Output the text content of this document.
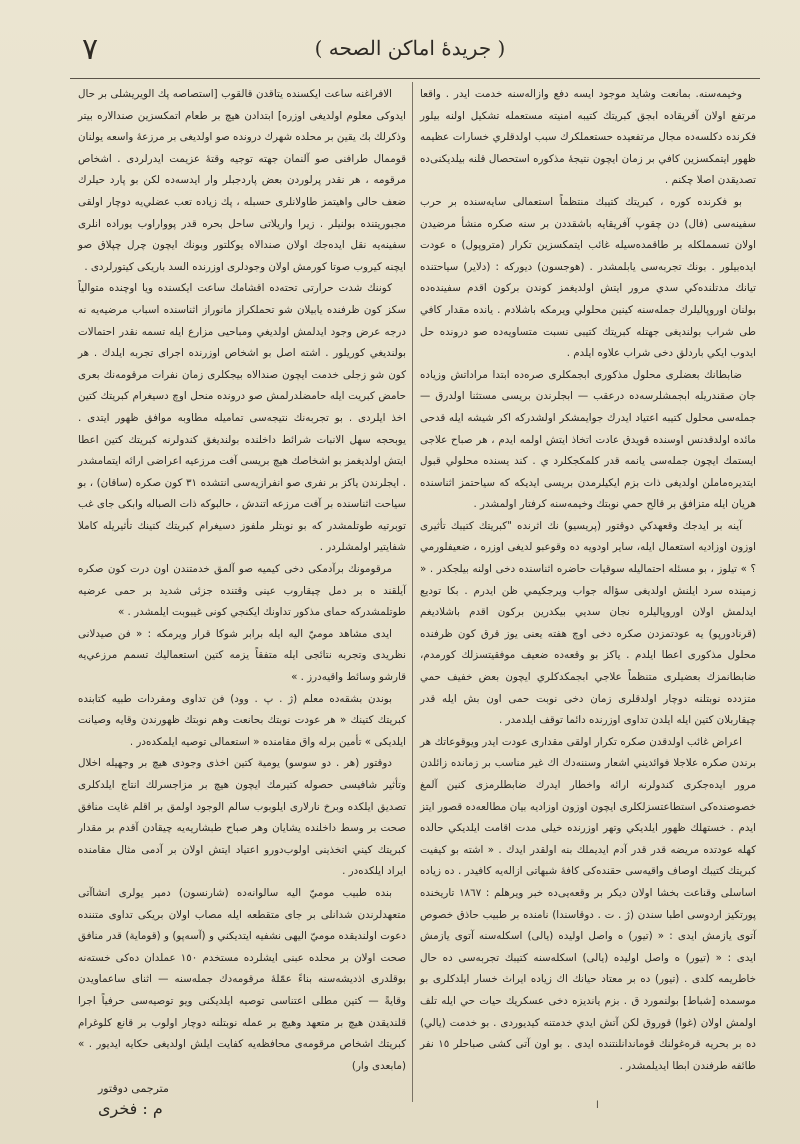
٧	( جريدهٔ اماكن الصحه )

وخيمه‌سنه. بمانعت وشايد موجود ايسه دفع وازاله‌سنه خدمت ايدر . واقعا مرتفع اولان آفريقاده ابجق كبريتك كتيبه امنيته مستعمله تشكيل اولنه بيلور فكرنده دكلسه‌ده مجال مرتفعيده حستعملكرك سبب اولدقلري خسارات عظيمه ظهور ايتمكسزين كافي بر زمان ايچون نتيجهٔ مذكوره استحصال قلنه بيلديكنى‌ده تصديقدن اصلا چكنم .

بو فكرنده كوره ، كبريتك كتيبك منتظماً استعمالى سايه‌سنده بر حرب سفينه‌سى (فال) دن چقوپ آفريقايه باشقددن بر سنه صكره منشأ مرضيدن اولان تسمملكله بر طاقمده‌سيله غائب ايتمكسزين تكرار (متروپول) ه عودت ايده‌بيلور . بونك تجربه‌سى يابلمشدر . (هوجسون) ديوركه : (دلاير) سياحتنده تيانك مدتلنده‌كي سدي مرور ايتش اولديغمز كوندن بركون اقدم سفينده‌ده بولنان اوروپاليلرك جمله‌سنه كينين محلولي ويرمكه باشلادم . يانده مقدار كافي طى شراب بولنديغى جهتله كبريتك كتيبى نسبت متساويه‌ده صو درونده حل ايدوب ايكي باردلق دخى شراب علاوه ايلدم .

ضابطانك بعضلرى محلول مذكورى ابجمكلرى صره‌ده ابتدا مراداتش وزياده جان صقندريله ابجمشلرسه‌ده درعقب — ابجلرندن بريسى مستثنا اولدرق — جمله‌سى محلول كتيبه اعتياد ايدرك جوايمشكر اولشدركه اكر شيشه ايله قدحى مائده اولدقدنس اوسنده قويدق عادت اتخاذ ايتش اولمه ايدم ، هر صباح علاجى ايستمك ايچون جمله‌سى يانمه قدر كلمكجكلرد ي . كند يسنده محلولي قبول ايتديره‌ماملن اولديغى ذات بزم ايكيلرمدن بريسى ايديكه كه سياحتمز اثناسنده هريان ايله متزافق بر قالح حمي نوبتك وخيمه‌سنه كرفتار اولمشدر .

آينه بر ايدجك وقعهدكي دوقتور (پريسيو) نك اثرنده "كبريتك كتيبك تأثيرى اوزون اوزاديه استعمال ايله، ساير اودويه ده وقوعبو لديغى اوزره ، ضعيفلورمي ؟ » تيلوز ، بو مسئله احتماليله سوقيات حاضره اثناسنده دخى اولنه بيلجكدر . « زمينده سرد ايلنش اولديغى سؤاله جواب ويرجكيمي ظن ايدرم . بكا توديع ايدلمش اولان اوروپاليلره نجان سديي بيكدرين بركون اقدم باشلاديغم (قرنادورپو) يه عودتمزدن صكره دخى اوچ هفته يعنى يوز قرق كون ظرفنده محلول مذكورى اعطا ايلدم . ياكز بو وقعه‌ده ضعيف موفقيتسزلك كورمدم، ضابطانمزك بعضيلرى متنظماً علاجي ابجمكدكلري ايچون بعض خفيف حمي متزدده نوبتلنه دوچار اولدقلرى زمان دخى نوبت حمى اون بش ايله قدر چيقاربلان كتين ايله ايلدن تداوى اوزرنده دائما توقف ايلدمدر .

اعراض غائب اولدقدن صكره تكرار اولقى مقدارى عودت ايدر ويوقوعاتك هر برندن صكره علاجلا فوائديني اشعار وسننه‌دك اك غير مناسب بر زمانده زائلدن مرور ايده‌جكرى كندولرنه ارائه واخطار ايدرك ضابطلرمزى كنين آلمغ خصوصنده‌كى استطاعتسزلكلرى ايچون اوزون اوزاديه بيان مطالعه‌ده قصور ايتز ايدم . خستهلك ظهور ايلديكي وتهر اوزرنده خيلى مدت اقامت ايلديكي حالده كهله عودتده مريضه قدر قدر آدم ايديملك بنه اولقدر ايدك . « اشته بو كيفيت كبريتك كتيبك اوصاف واقيه‌سى حقنده‌كى كافهٔ شبهاتى ازاله‌يه كافيدر . ده زياده اساسلى وقناعت بخشا اولان ديكر بر وقعه‌يى‌ده خبر ويرهلم : ١٨٦٧ تاريخنده پورتكيز اردوسى اطبا سندن (ژ . ت . دوقاسندا) نامنده بر طبيب حاذق خصوص آتوى يازمش ايدى : « (تيور) ه واصل اوليده (يالى) اسكله‌سنه آتوى يازمش ايدى : « (تيور) ه واصل اوليده (يالى) اسكله‌سنه كتيبك تجربه‌سى ده حال خاطريمه كلدى . (تيور) ده بر معتاد حيانك اك زياده ايراث خسار ايلدكلرى بو موسمده [شباط] بولنمورد ق . بزم يانديزه دخى عسكريك حيات حي ايله تلف اولمش اولان (غوا) قوروق لكن آتش ايدي خدمتنه كيديوردى . بو خدمت (يالي) ده بر بحريه قره‌غولنك قوماندانلنتنده ايدى . بو اون آتى كشى صباحلر ١٥ نفر طائفه طرفندن ابطا ايديلمشدر .

الافراغنه ساعت ايكسنده يتاقدن قالقوب [استصاصه پك الويريشلى بر حال ايدوكى معلوم اولديغى اوزره] ابتدادن هيچ بر طعام اتمكسزين صندالاره بيتر وذكرلك بك يقين بر محلده شهرك درونده صو اولديغى بر مرزعهٔ واسعه يولنان قوممال طرافنى صو آلنمان جهته توجيه وقتهٔ عزيمت ايدرلردى . اشخاص مرقومه ، هر نقدر پرلوردن بعض پاردجبلر وار ايدسه‌ده لكن بو پارد حيلرك ضعف حالى واهيتمز طاولانلرى حسبله ، پك زياده تعب عضلي‌يه دوچار اولقى مجبوريتنده بولنيلر . زيرا واريلاتى ساحل بحره قدر پوواراوب يوراده انلرى سفينه‌يه نقل ايده‌جك اولان صندالاه يوكلتور وبونك ايچون چرل چپلاق صو ايچنه كيروب صوتا كورمش اولان وجودلرى اوزرنده السد باريكى كيتورلردى .

كوننك شدت حرارتى تحته‌ده اقشامك ساعت ايكسنده ويا اوچنده متوالياً سكز كون ظرفنده يابيلان شو تحملكراز مانوراز اثناسنده اسباب مرضيه‌يه نه درجه عرض وجود ايدلمش اولديغي ومباحيى مزارع ايله تسمه نقدر احتمالات بولنديغي كوريلور . اشته اصل بو اشخاص اوزرنده اجراى تجربه ايلدك . هر كون شو زجلى خدمت ايچون صندالاه بيجكلرى زمان نفرات مرقومه‌نك بعرى حامض كبريت ايله حامضلدرلمش صو درونده منحل اوچ دسيغرام كبريتك كتين اخذ ايلردى . بو تجربه‌نك نتيجه‌سى تماميله مطاوبه موافق ظهور ايتدى . يوبحجه سهل الانبات شرائط داخلنده بولنديغق كندولرنه كبريتك كتين اعطا ايتش اولديغمز بو اشخاصك هيچ بريسى آفت مرزعيه اعراضى ارائه ايتمامشدر . ايجلرندن ياكز بر نفرى صو انفرازيه‌سى انتشده ٣١ كون صكره (ساقان) ، بو سياحت اثناسنده بر آفت مرزعه اتندش ، حالبوكه ذات الصباله وابكى جاى غب توبرتيه طوتلمشدر كه بو نوبتلر ملفوز دسيغرام كبريتك كتينك تأثيريله كاملا شفايتير اولمشلردر .

مرقومونك برآدمكى دخى كيميه صو آلمق خدمتندن اون درت كون صكره آيلقند ه بر دمل چيقاروب عينى وقتنده جزئى شديد بر حمى عرضيه طوتلمشدركه حماى مذكور تداونك ايكنجي كونى غيبوبت ايلمشدر . »

ايدى مشاهد موميّ اليه ايله برابر شوكا قرار ويرمكه : « فن صيدلانى نظريدى وتجربه نتائجى ايله متفقاً يزمه كتين استعماليك تسمم مرزعي‌يه قارشو وسائط واقيه‌درز . »

بوندن بشقه‌ده معلم (ژ . پ . وود) فن تداوى ومفردات طبيه كتابنده كبريتك كتينك « هر عودت نوبتك بحانعت وهم نوبتك ظهورندن وقايه وصيانت ايلديكى » تأمين برله واق مقامنده « استعمالى توصيه ايلمكده‌در .

دوقتور (هر . دو سوسو) يومية كتين اخذى وجودى هيچ بر وجهيله اخلال وتأثير شافيسى حصوله كتيرمك ايچون هيچ بر مزاجسرلك انتاج ايلدكلرى تصديق ايلكده وبرخ نارلارى ايلوبوب سالم الوجود اولمق بر اقلم غايت منافق صحت بر وسط داخلنده يشايان وهر صباح طبشاريه‌يه چيقادن آقدم بر مقدار كبريتك كيني اتخذينى اولوب‌دورو اعتياد ايتش اولان بر آدمى مثال مقامنده ايراد ايلكده‌در .

بنده طبيب موميّ اليه سالوانه‌ده (شارنسون) دمير يولرى انشاآتى متعهدلرندن شدانلى بر جاى متقطعه ايله مصاب اولان بريكى تداوى متننده دعوت اولنديقده موميّ اليهى نشفيه ايتديكني و (آسه‌پو) و (قوماية) قدر منافق صحت اولان بر محلده عبنى ايشلرده مستخدم ١٥٠ عملدان ده‌كى خسته‌نه بوقلدرى اذديشه‌سنه بنا‌ءً عمّلهٔ مرقومه‌دك جمله‌سنه — اثناى ساعماويدن وقايةً — كتين مطلى اعتناسى توصيه ايلديكنى ويو توصيه‌سى حرفياً اجرا قلنديقدن هيچ بر متعهد وهيچ بر عمله نوبتلنه دوچار اولوب بر قانع كلوغرام كبريتك اشخاص مرقومه‌ى محافظه‌يه كفايت ايلش اولديغى حكايه ايديور . » (مابعدى وار)

مترجمى دوقتور
م : فخرى	ا
